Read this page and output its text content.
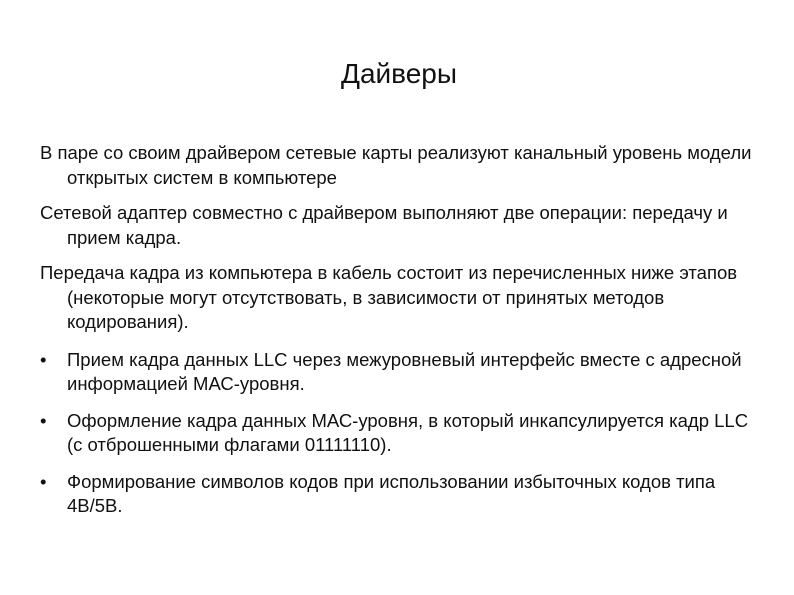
Дайверы

В паре со своим драйвером сетевые карты реализуют канальный уровень модели открытых систем в компьютере

Сетевой адаптер совместно с драйвером выполняют две операции: передачу и прием кадра.

Передача кадра из компьютера в кабель состоит из перечисленных ниже этапов (некоторые могут отсутствовать, в зависимости от принятых методов кодирования).

• Прием кадра данных LLC через межуровневый интерфейс вместе с адресной информацией МАС-уровня.
• Оформление кадра данных МАС-уровня, в который инкапсулируется кадр LLC (с отброшенными флагами 01111110).
• Формирование символов кодов при использовании избыточных кодов типа 4В/5В.
